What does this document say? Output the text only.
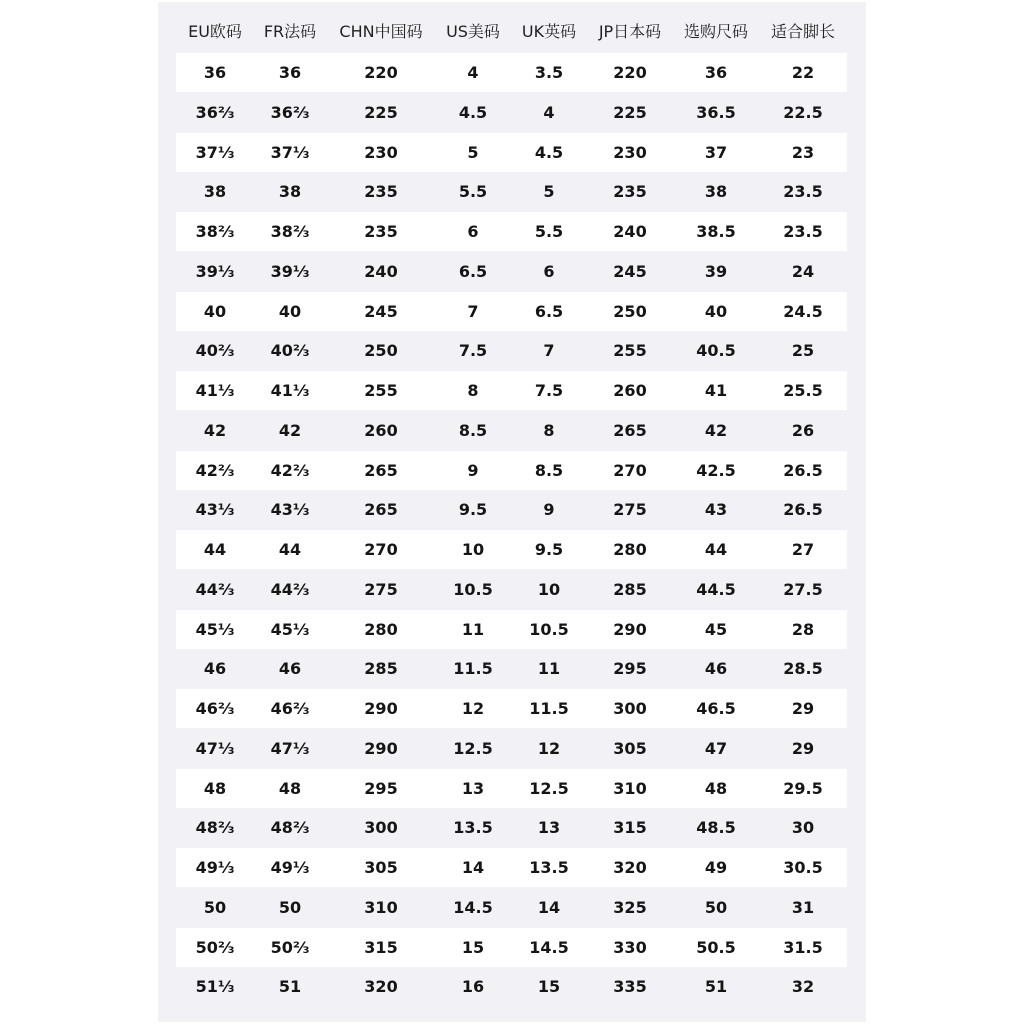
EU欧码	FR法码	CHN中国码	US美码	UK英码	JP日本码	选购尺码	适合脚长
36	36	220	4	3.5	220	36	22
36⅔	36⅔	225	4.5	4	225	36.5	22.5
37⅓	37⅓	230	5	4.5	230	37	23
38	38	235	5.5	5	235	38	23.5
38⅔	38⅔	235	6	5.5	240	38.5	23.5
39⅓	39⅓	240	6.5	6	245	39	24
40	40	245	7	6.5	250	40	24.5
40⅔	40⅔	250	7.5	7	255	40.5	25
41⅓	41⅓	255	8	7.5	260	41	25.5
42	42	260	8.5	8	265	42	26
42⅔	42⅔	265	9	8.5	270	42.5	26.5
43⅓	43⅓	265	9.5	9	275	43	26.5
44	44	270	10	9.5	280	44	27
44⅔	44⅔	275	10.5	10	285	44.5	27.5
45⅓	45⅓	280	11	10.5	290	45	28
46	46	285	11.5	11	295	46	28.5
46⅔	46⅔	290	12	11.5	300	46.5	29
47⅓	47⅓	290	12.5	12	305	47	29
48	48	295	13	12.5	310	48	29.5
48⅔	48⅔	300	13.5	13	315	48.5	30
49⅓	49⅓	305	14	13.5	320	49	30.5
50	50	310	14.5	14	325	50	31
50⅔	50⅔	315	15	14.5	330	50.5	31.5
51⅓	51	320	16	15	335	51	32
